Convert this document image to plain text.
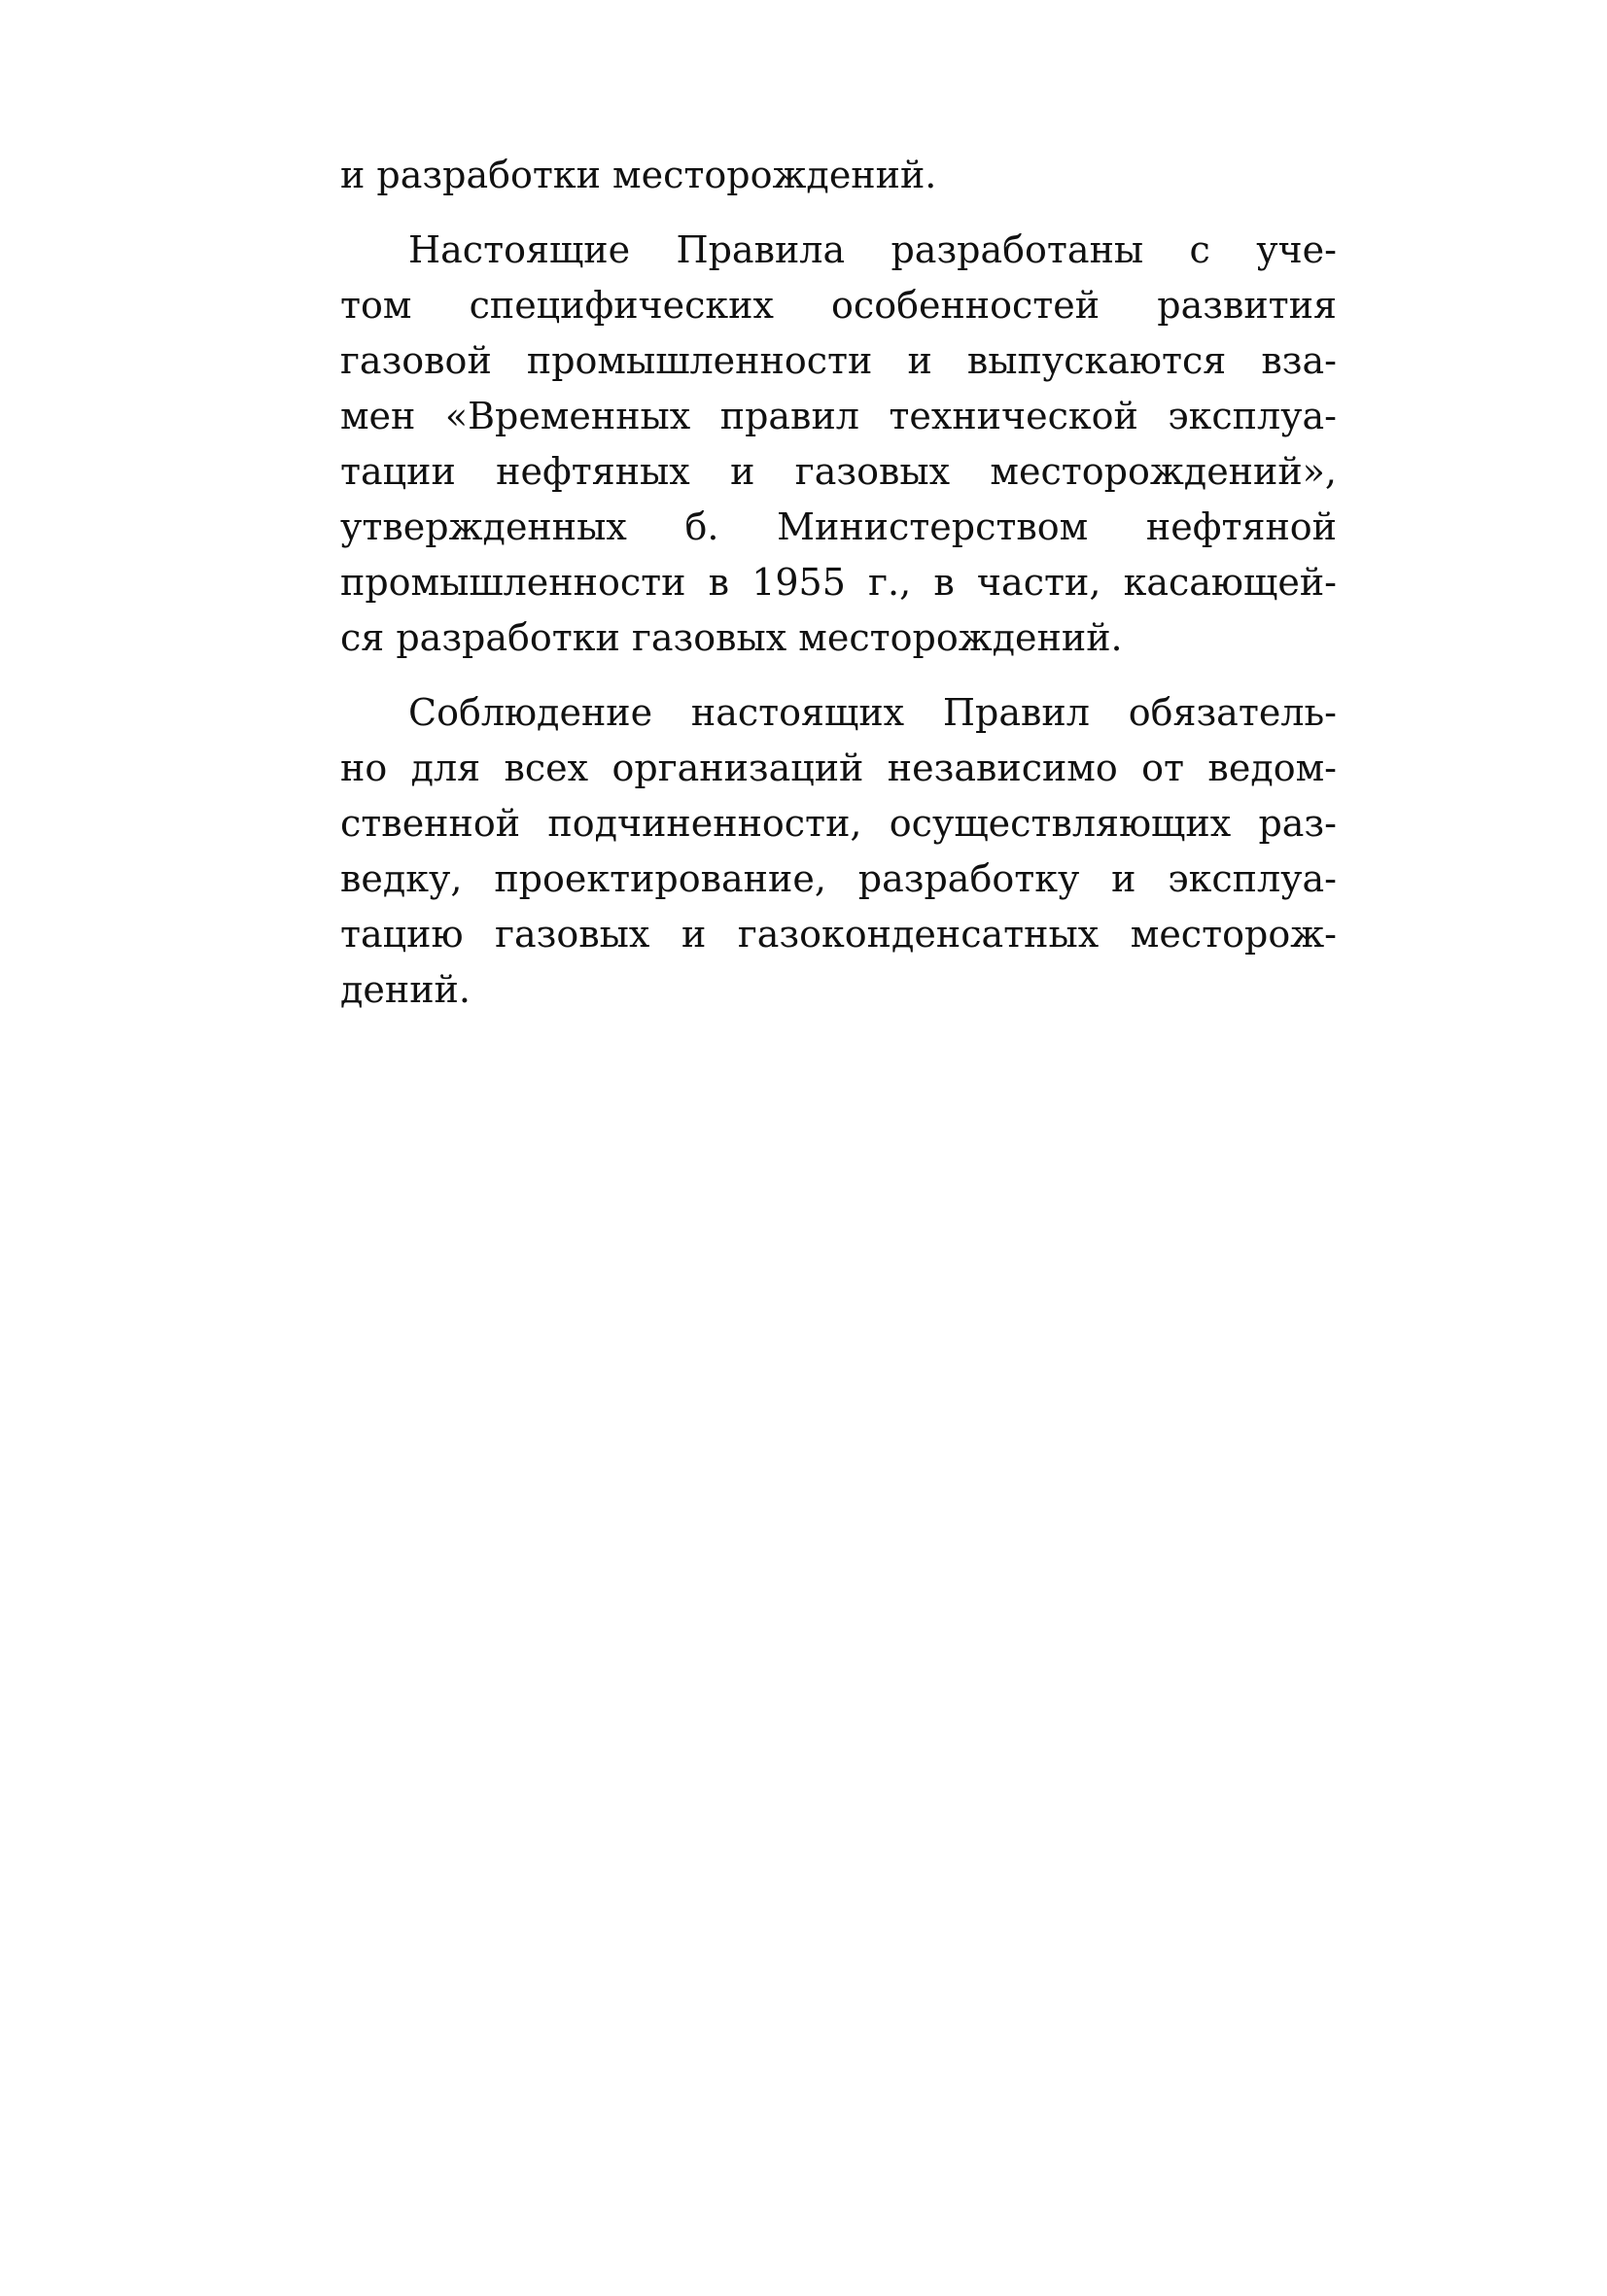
и разработки месторождений.
Настоящие Правила разработаны с уче-
том специфических особенностей развития
газовой промышленности и выпускаются вза-
мен «Временных правил технической эксплуа-
тации нефтяных и газовых месторождений»,
утвержденных б. Министерством нефтяной
промышленности в 1955 г., в части, касающей-
ся разработки газовых месторождений.
Соблюдение настоящих Правил обязатель-
но для всех организаций независимо от ведом-
ственной подчиненности, осуществляющих раз-
ведку, проектирование, разработку и эксплуа-
тацию газовых и газоконденсатных месторож-
дений.
